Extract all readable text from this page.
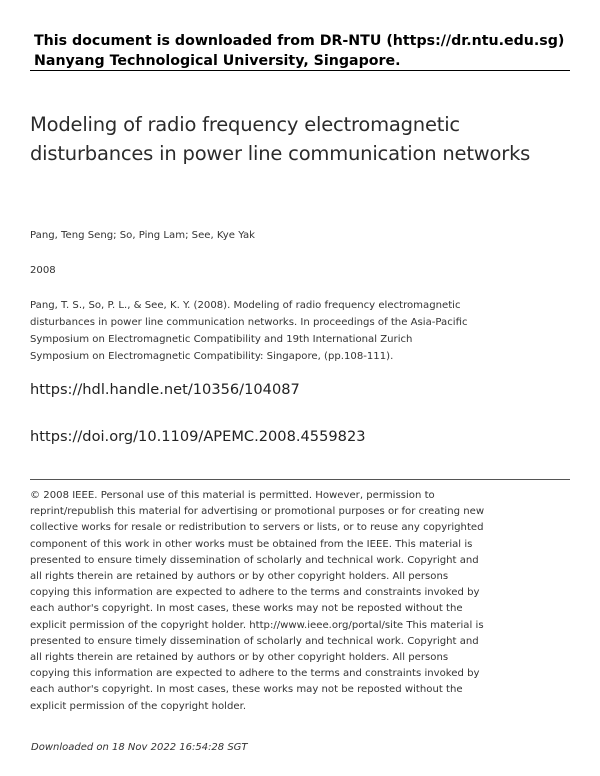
This document is downloaded from DR-NTU (https://dr.ntu.edu.sg)
Nanyang Technological University, Singapore.
Modeling of radio frequency electromagnetic disturbances in power line communication networks
Pang, Teng Seng; So, Ping Lam; See, Kye Yak
2008
Pang, T. S., So, P. L., & See, K. Y. (2008). Modeling of radio frequency electromagnetic disturbances in power line communication networks. In proceedings of the Asia-Pacific Symposium on Electromagnetic Compatibility and 19th International Zurich Symposium on Electromagnetic Compatibility: Singapore, (pp.108-111).
https://hdl.handle.net/10356/104087
https://doi.org/10.1109/APEMC.2008.4559823
© 2008 IEEE. Personal use of this material is permitted. However, permission to reprint/republish this material for advertising or promotional purposes or for creating new collective works for resale or redistribution to servers or lists, or to reuse any copyrighted component of this work in other works must be obtained from the IEEE. This material is presented to ensure timely dissemination of scholarly and technical work. Copyright and all rights therein are retained by authors or by other copyright holders. All persons copying this information are expected to adhere to the terms and constraints invoked by each author's copyright. In most cases, these works may not be reposted without the explicit permission of the copyright holder. http://www.ieee.org/portal/site This material is presented to ensure timely dissemination of scholarly and technical work. Copyright and all rights therein are retained by authors or by other copyright holders. All persons copying this information are expected to adhere to the terms and constraints invoked by each author's copyright. In most cases, these works may not be reposted without the explicit permission of the copyright holder.
Downloaded on 18 Nov 2022 16:54:28 SGT
